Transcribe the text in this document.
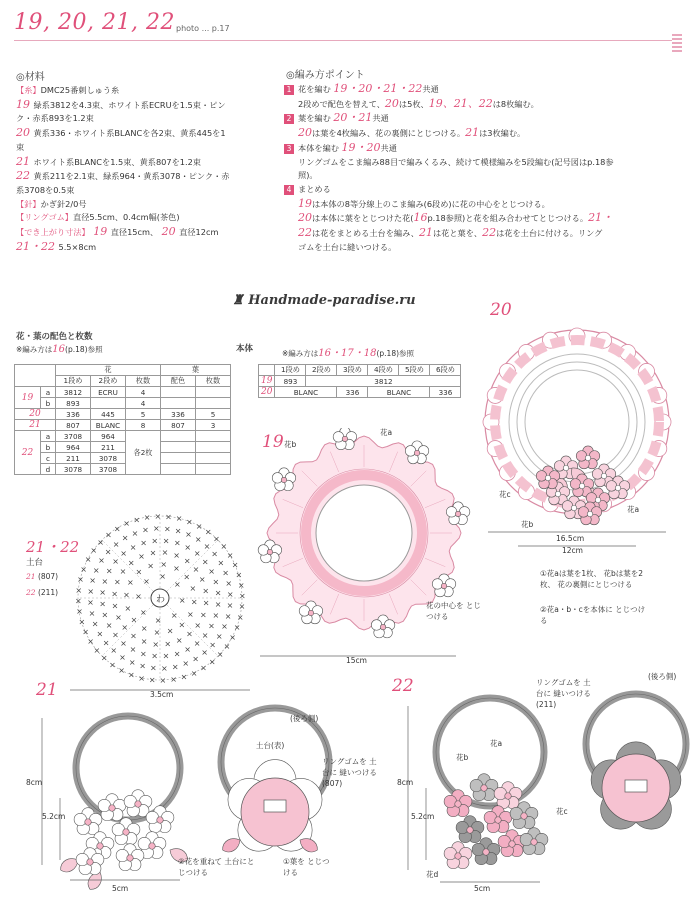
19, 20, 21, 22 photo ... p.17
◎材料
【糸】DMC25番刺しゅう糸
19 緑系3812を4.3束、ホワイト系ECRUを1.5束・ピン
ク・赤系893を1.2束
20 黄系336・ホワイト系BLANCを各2束、黄系445を1
束
21 ホワイト系BLANCを1.5束、黄系807を1.2束
22 黄系211を2.1束、緑系964・黄系3078・ピンク・赤
系3708を0.5束
【針】かぎ針2/0号
【リングゴム】直径5.5cm、0.4cm幅(茶色)
【でき上がり寸法】 19 直径15cm、 20 直径12cm
21・22 5.5×8cm
◎編み方ポイント
1 花を編む 19・20・21・22共通
2段めで配色を替えて、20は5枚、19、21、22は8枚編む。
2 葉を編む 20・21共通
20は葉を4枚編み、花の裏側にとじつける。21は3枚編む。
3 本体を編む 19・20共通
リングゴムをこま編み88目で編みくるみ、続けて模様編みを5段編む(記号図はp.18参
照)。
4 まとめる
19は本体の8等分線上のこま編み(6段め)に花の中心をとじつける。
20は本体に葉をとじつけた花(16p.18参照)と花を組み合わせてとじつける。21・
22は花をまとめる土台を編み、21は花と葉を、22は花を土台に付ける。リング
ゴムを土台に縫いつける。
♜ Handmade-paradise.ru
花・葉の配色と枚数
※編み方は16(p.18)参照
		花			葉	
		1段め	2段め	枚数	配色	枚数
19	a	3812	ECRU	4		
	b	893		4		
20		336	445	5	336	5
21		807	BLANC	8	807	3
22	a	3708	964	各2枚		
	b	964	211			
	c	211	3078			
	d	3078	3708			
本体	※編み方は16・17・18(p.18)参照
	1段め	2段め	3段め	4段め	5段め	6段め
19	893	3812				
20	BLANC		336	BLANC		336
20
花c
花b
花a
16.5cm
12cm
①花aは葉を1枚、 花bは葉を2枚、 花の裏側にとじつける
②花a・b・cを本体に とじつける
19 花b
花a
花の中心を とじつける
15cm
21・22
土台
21 (807)
22 (211)
×
×
×
×
×
×
×
×
×
×
×
×
×
×
×
×
×
×
×
× × ×
×
×
×
×
×
×
×
×
×
×
×
×
×
×
×
×
×
×
× × × ×
×
×
×
×
×
×
×
×
×
×
×
×
×
×
×
×
×
×
×
×
×
×
×
×
×
× × × × × ×
×
×
×
×
×
×
×
×
×
×
×
×
×
×
×
×
×
×
×
×
×
×
×
×
×
×
×
×
×
×
×
×
× × × × × ×
×
×
×
×
×
×
×
×
×
×
×
×
×
×
×
×
×
×
×
×
×
×
×
×
×
×
×
×
×
×
×
×
×
×
×
×
×
×
×
× × × × × × × ×
×
×
×
×
×
×
×
×
わ
3.5cm
21
(後ろ側)
土台(表)
リングゴムを 土台に 縫いつける (807)
②花を重ねて 土台にとじつける
①葉を とじつける
8cm
5.2cm
5cm
22	(後ろ側)
リングゴムを 土台に 縫いつける (211)
花b
花a
花c
花d
8cm
5.2cm
5cm
